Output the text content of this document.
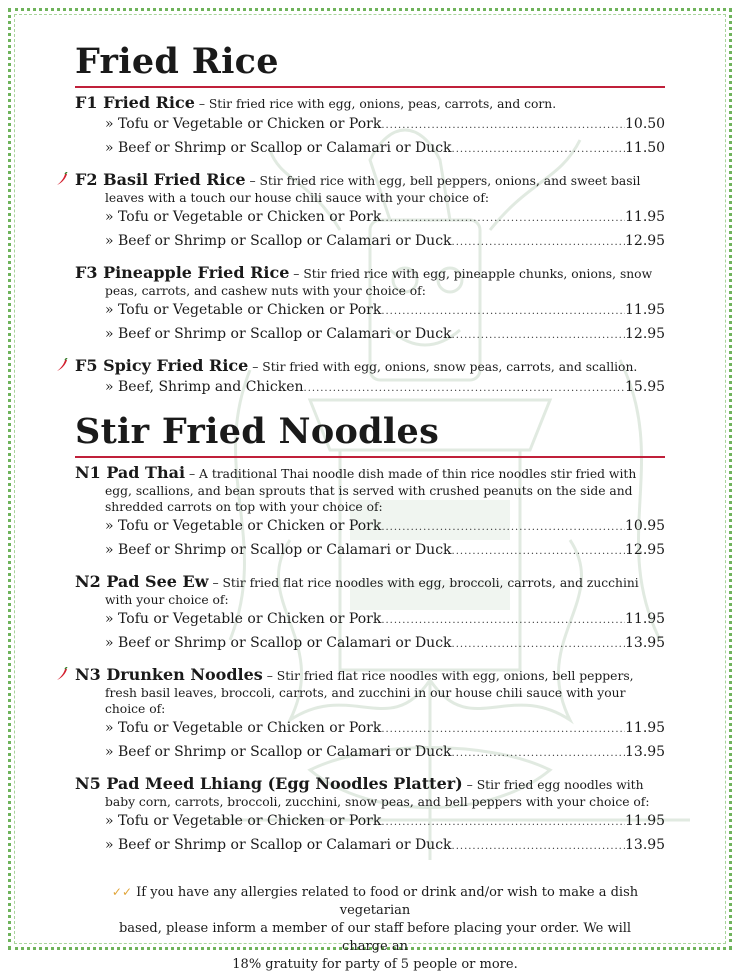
Fried Rice
F1 Fried Rice – Stir fried rice with egg, onions, peas, carrots, and corn.
» Tofu or Vegetable or Chicken or Pork .....	10.50
» Beef or Shrimp or Scallop or Calamari or Duck .....	11.50
F2 Basil Fried Rice – Stir fried rice with egg, bell peppers, onions, and sweet basil
leaves with a touch our house chili sauce with your choice of:
» Tofu or Vegetable or Chicken or Pork .....	11.95
» Beef or Shrimp or Scallop or Calamari or Duck .....	12.95
F3 Pineapple Fried Rice – Stir fried rice with egg, pineapple chunks, onions, snow
peas, carrots, and cashew nuts with your choice of:
» Tofu or Vegetable or Chicken or Pork .....	11.95
» Beef or Shrimp or Scallop or Calamari or Duck .....	12.95
F5 Spicy Fried Rice – Stir fried with egg, onions, snow peas, carrots, and scallion.
» Beef, Shrimp and Chicken .....	15.95
Stir Fried Noodles
N1 Pad Thai – A traditional Thai noodle dish made of thin rice noodles stir fried with
egg, scallions, and bean sprouts that is served with crushed peanuts on the side and
shredded carrots on top with your choice of:
» Tofu or Vegetable or Chicken or Pork .....	10.95
» Beef or Shrimp or Scallop or Calamari or Duck .....	12.95
N2 Pad See Ew – Stir fried flat rice noodles with egg, broccoli, carrots, and zucchini
with your choice of:
» Tofu or Vegetable or Chicken or Pork .....	11.95
» Beef or Shrimp or Scallop or Calamari or Duck .....	13.95
N3 Drunken Noodles – Stir fried flat rice noodles with egg, onions, bell peppers,
fresh basil leaves, broccoli, carrots, and zucchini in our house chili sauce with your
choice of:
» Tofu or Vegetable or Chicken or Pork .....	11.95
» Beef or Shrimp or Scallop or Calamari or Duck .....	13.95
N5 Pad Meed Lhiang (Egg Noodles Platter) – Stir fried egg noodles with
baby corn, carrots, broccoli, zucchini, snow peas, and bell peppers with your choice of:
» Tofu or Vegetable or Chicken or Pork .....	11.95
» Beef or Shrimp or Scallop or Calamari or Duck .....	13.95
✓✓ If you have any allergies related to food or drink and/or wish to make a dish vegetarian
based, please inform a member of our staff before placing your order. We will charge an
18% gratuity for party of 5 people or more.
